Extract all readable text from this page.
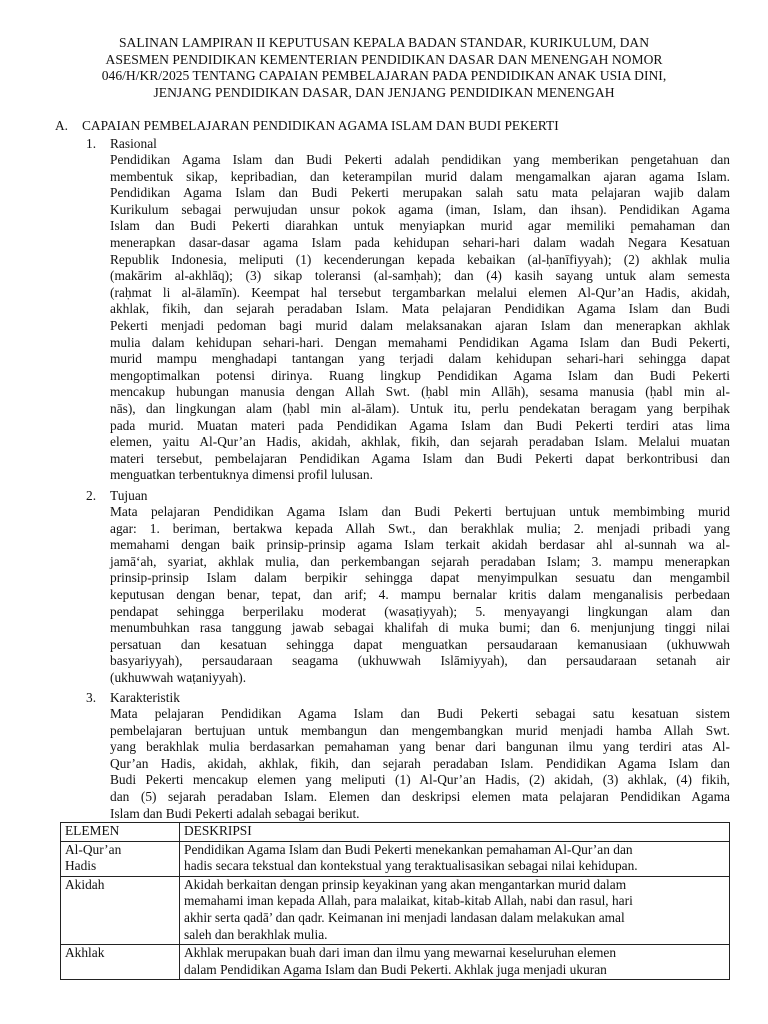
SALINAN LAMPIRAN II KEPUTUSAN KEPALA BADAN STANDAR, KURIKULUM, DAN
ASESMEN PENDIDIKAN KEMENTERIAN PENDIDIKAN DASAR DAN MENENGAH NOMOR
046/H/KR/2025 TENTANG CAPAIAN PEMBELAJARAN PADA PENDIDIKAN ANAK USIA DINI,
JENJANG PENDIDIKAN DASAR, DAN JENJANG PENDIDIKAN MENENGAH
A. CAPAIAN PEMBELAJARAN PENDIDIKAN AGAMA ISLAM DAN BUDI PEKERTI
1. Rasional
Pendidikan Agama Islam dan Budi Pekerti adalah pendidikan yang memberikan pengetahuan dan
membentuk sikap, kepribadian, dan keterampilan murid dalam mengamalkan ajaran agama Islam.
Pendidikan Agama Islam dan Budi Pekerti merupakan salah satu mata pelajaran wajib dalam
Kurikulum sebagai perwujudan unsur pokok agama (iman, Islam, dan ihsan). Pendidikan Agama
Islam dan Budi Pekerti diarahkan untuk menyiapkan murid agar memiliki pemahaman dan
menerapkan dasar-dasar agama Islam pada kehidupan sehari-hari dalam wadah Negara Kesatuan
Republik Indonesia, meliputi (1) kecenderungan kepada kebaikan (al-ḥanīfiyyah); (2) akhlak mulia
(makārim al-akhlāq); (3) sikap toleransi (al-samḥah); dan (4) kasih sayang untuk alam semesta
(raḥmat li al-ālamīn). Keempat hal tersebut tergambarkan melalui elemen Al-Qur’an Hadis, akidah,
akhlak, fikih, dan sejarah peradaban Islam. Mata pelajaran Pendidikan Agama Islam dan Budi
Pekerti menjadi pedoman bagi murid dalam melaksanakan ajaran Islam dan menerapkan akhlak
mulia dalam kehidupan sehari-hari. Dengan memahami Pendidikan Agama Islam dan Budi Pekerti,
murid mampu menghadapi tantangan yang terjadi dalam kehidupan sehari-hari sehingga dapat
mengoptimalkan potensi dirinya. Ruang lingkup Pendidikan Agama Islam dan Budi Pekerti
mencakup hubungan manusia dengan Allah Swt. (ḥabl min Allāh), sesama manusia (ḥabl min al-
nās), dan lingkungan alam (ḥabl min al-ālam). Untuk itu, perlu pendekatan beragam yang berpihak
pada murid. Muatan materi pada Pendidikan Agama Islam dan Budi Pekerti terdiri atas lima
elemen, yaitu Al-Qur’an Hadis, akidah, akhlak, fikih, dan sejarah peradaban Islam. Melalui muatan
materi tersebut, pembelajaran Pendidikan Agama Islam dan Budi Pekerti dapat berkontribusi dan
menguatkan terbentuknya dimensi profil lulusan.
2. Tujuan
Mata pelajaran Pendidikan Agama Islam dan Budi Pekerti bertujuan untuk membimbing murid
agar: 1. beriman, bertakwa kepada Allah Swt., dan berakhlak mulia; 2. menjadi pribadi yang
memahami dengan baik prinsip-prinsip agama Islam terkait akidah berdasar ahl al-sunnah wa al-
jamā‘ah, syariat, akhlak mulia, dan perkembangan sejarah peradaban Islam; 3. mampu menerapkan
prinsip-prinsip Islam dalam berpikir sehingga dapat menyimpulkan sesuatu dan mengambil
keputusan dengan benar, tepat, dan arif; 4. mampu bernalar kritis dalam menganalisis perbedaan
pendapat sehingga berperilaku moderat (wasaṭiyyah); 5. menyayangi lingkungan alam dan
menumbuhkan rasa tanggung jawab sebagai khalifah di muka bumi; dan 6. menjunjung tinggi nilai
persatuan dan kesatuan sehingga dapat menguatkan persaudaraan kemanusiaan (ukhuwwah
basyariyyah), persaudaraan seagama (ukhuwwah Islāmiyyah), dan persaudaraan setanah air
(ukhuwwah waṭaniyyah).
3. Karakteristik
Mata pelajaran Pendidikan Agama Islam dan Budi Pekerti sebagai satu kesatuan sistem
pembelajaran bertujuan untuk membangun dan mengembangkan murid menjadi hamba Allah Swt.
yang berakhlak mulia berdasarkan pemahaman yang benar dari bangunan ilmu yang terdiri atas Al-
Qur’an Hadis, akidah, akhlak, fikih, dan sejarah peradaban Islam. Pendidikan Agama Islam dan
Budi Pekerti mencakup elemen yang meliputi (1) Al-Qur’an Hadis, (2) akidah, (3) akhlak, (4) fikih,
dan (5) sejarah peradaban Islam. Elemen dan deskripsi elemen mata pelajaran Pendidikan Agama
Islam dan Budi Pekerti adalah sebagai berikut.
ELEMEN	DESKRIPSI

Al-Qur’an
Hadis	Pendidikan Agama Islam dan Budi Pekerti menekankan pemahaman Al-Qur’an dan
hadis secara tekstual dan kontekstual yang teraktualisasikan sebagai nilai kehidupan.

Akidah	Akidah berkaitan dengan prinsip keyakinan yang akan mengantarkan murid dalam
memahami iman kepada Allah, para malaikat, kitab-kitab Allah, nabi dan rasul, hari
akhir serta qadā’ dan qadr. Keimanan ini menjadi landasan dalam melakukan amal
saleh dan berakhlak mulia.

Akhlak	Akhlak merupakan buah dari iman dan ilmu yang mewarnai keseluruhan elemen
dalam Pendidikan Agama Islam dan Budi Pekerti. Akhlak juga menjadi ukuran
